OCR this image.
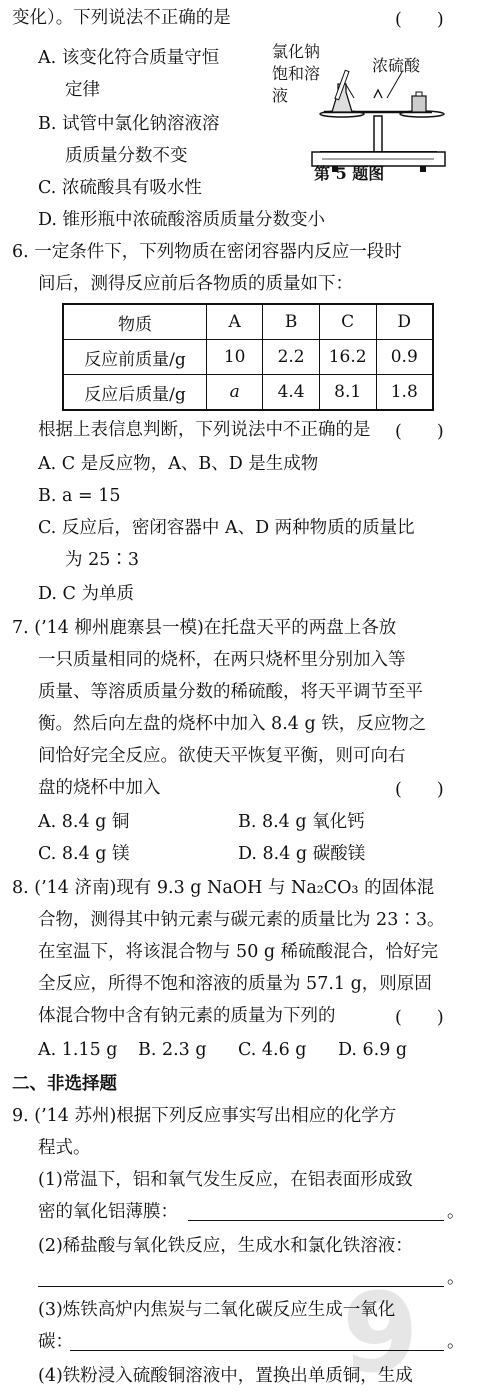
变化）。下列说法不正确的是	(　　)
A. 该变化符合质量守恒
定律
B. 试管中氯化钠溶液溶
质质量分数不变
C. 浓硫酸具有吸水性
D. 锥形瓶中浓硫酸溶质质量分数变小
氯化钠
饱和溶
液
浓硫酸
第 5 题图
6. 一定条件下，下列物质在密闭容器内反应一段时
间后，测得反应前后各物质的质量如下：
物质	A	B	C	D
反应前质量/g	10	2.2	16.2	0.9
反应后质量/g	a	4.4	8.1	1.8
根据上表信息判断，下列说法中不正确的是 (　　)
A. C 是反应物，A、B、D 是生成物
B. a = 15
C. 反应后，密闭容器中 A、D 两种物质的质量比
为 25∶3
D. C 为单质
7. (’14 柳州鹿寨县一模)在托盘天平的两盘上各放
一只质量相同的烧杯，在两只烧杯里分别加入等
质量、等溶质质量分数的稀硫酸，将天平调节至平
衡。然后向左盘的烧杯中加入 8.4 g 铁，反应物之
间恰好完全反应。欲使天平恢复平衡，则可向右
盘的烧杯中加入	(　　)
A. 8.4 g 铜	B. 8.4 g 氧化钙
C. 8.4 g 镁	D. 8.4 g 碳酸镁
8. (’14 济南)现有 9.3 g NaOH 与 Na₂CO₃ 的固体混
合物，测得其中钠元素与碳元素的质量比为 23∶3。
在室温下，将该混合物与 50 g 稀硫酸混合，恰好完
全反应，所得不饱和溶液的质量为 57.1 g，则原固
体混合物中含有钠元素的质量为下列的	(　　)
A. 1.15 g B. 2.3 g C. 4.6 g D. 6.9 g
二、非选择题
9. (’14 苏州)根据下列反应事实写出相应的化学方
程式。
(1)常温下，铝和氧气发生反应，在铝表面形成致
密的氧化铝薄膜：	。
(2)稀盐酸与氧化铁反应，生成水和氯化铁溶液：
。
9
(3)炼铁高炉内焦炭与二氧化碳反应生成一氧化
碳：	。
(4)铁粉浸入硫酸铜溶液中，置换出单质铜，生成
